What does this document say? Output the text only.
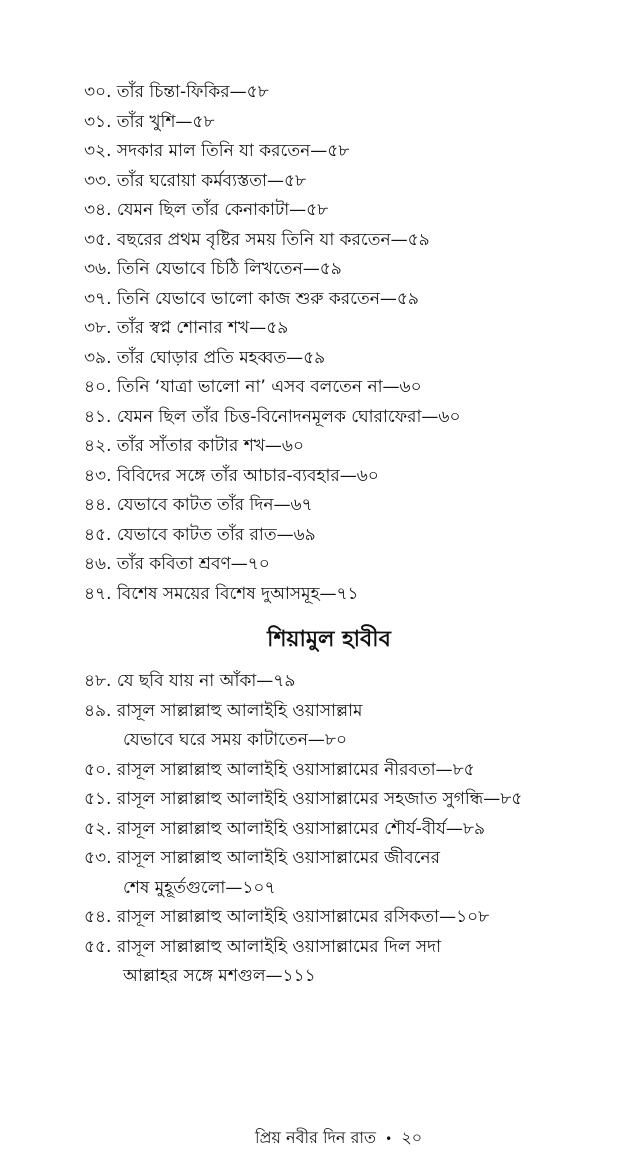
৩০. তাঁর চিন্তা-ফিকির—৫৮
৩১. তাঁর খুশি—৫৮
৩২. সদকার মাল তিনি যা করতেন—৫৮
৩৩. তাঁর ঘরোয়া কর্মব্যস্ততা—৫৮
৩৪. যেমন ছিল তাঁর কেনাকাটা—৫৮
৩৫. বছরের প্রথম বৃষ্টির সময় তিনি যা করতেন—৫৯
৩৬. তিনি যেভাবে চিঠি লিখতেন—৫৯
৩৭. তিনি যেভাবে ভালো কাজ শুরু করতেন—৫৯
৩৮. তাঁর স্বপ্ন শোনার শখ—৫৯
৩৯. তাঁর ঘোড়ার প্রতি মহব্বত—৫৯
৪০. তিনি ‘যাত্রা ভালো না’ এসব বলতেন না—৬০
৪১. যেমন ছিল তাঁর চিত্ত-বিনোদনমূলক ঘোরাফেরা—৬০
৪২. তাঁর সাঁতার কাটার শখ—৬০
৪৩. বিবিদের সঙ্গে তাঁর আচার-ব্যবহার—৬০
৪৪. যেভাবে কাটত তাঁর দিন—৬৭
৪৫. যেভাবে কাটত তাঁর রাত—৬৯
৪৬. তাঁর কবিতা শ্রবণ—৭০
৪৭. বিশেষ সময়ের বিশেষ দুআসমূহ—৭১
শিয়ামুল হাবীব
৪৮. যে ছবি যায় না আঁকা—৭৯
৪৯. রাসূল সাল্লাল্লাহু আলাইহি ওয়াসাল্লাম
যেভাবে ঘরে সময় কাটাতেন—৮০
৫০. রাসূল সাল্লাল্লাহু আলাইহি ওয়াসাল্লামের নীরবতা—৮৫
৫১. রাসূল সাল্লাল্লাহু আলাইহি ওয়াসাল্লামের সহজাত সুগন্ধি—৮৫
৫২. রাসূল সাল্লাল্লাহু আলাইহি ওয়াসাল্লামের শৌর্য-বীর্য—৮৯
৫৩. রাসূল সাল্লাল্লাহু আলাইহি ওয়াসাল্লামের জীবনের
শেষ মুহূর্তগুলো—১০৭
৫৪. রাসূল সাল্লাল্লাহু আলাইহি ওয়াসাল্লামের রসিকতা—১০৮
৫৫. রাসূল সাল্লাল্লাহু আলাইহি ওয়াসাল্লামের দিল সদা
আল্লাহর সঙ্গে মশগুল—১১১
প্রিয় নবীর দিন রাত • ২০
